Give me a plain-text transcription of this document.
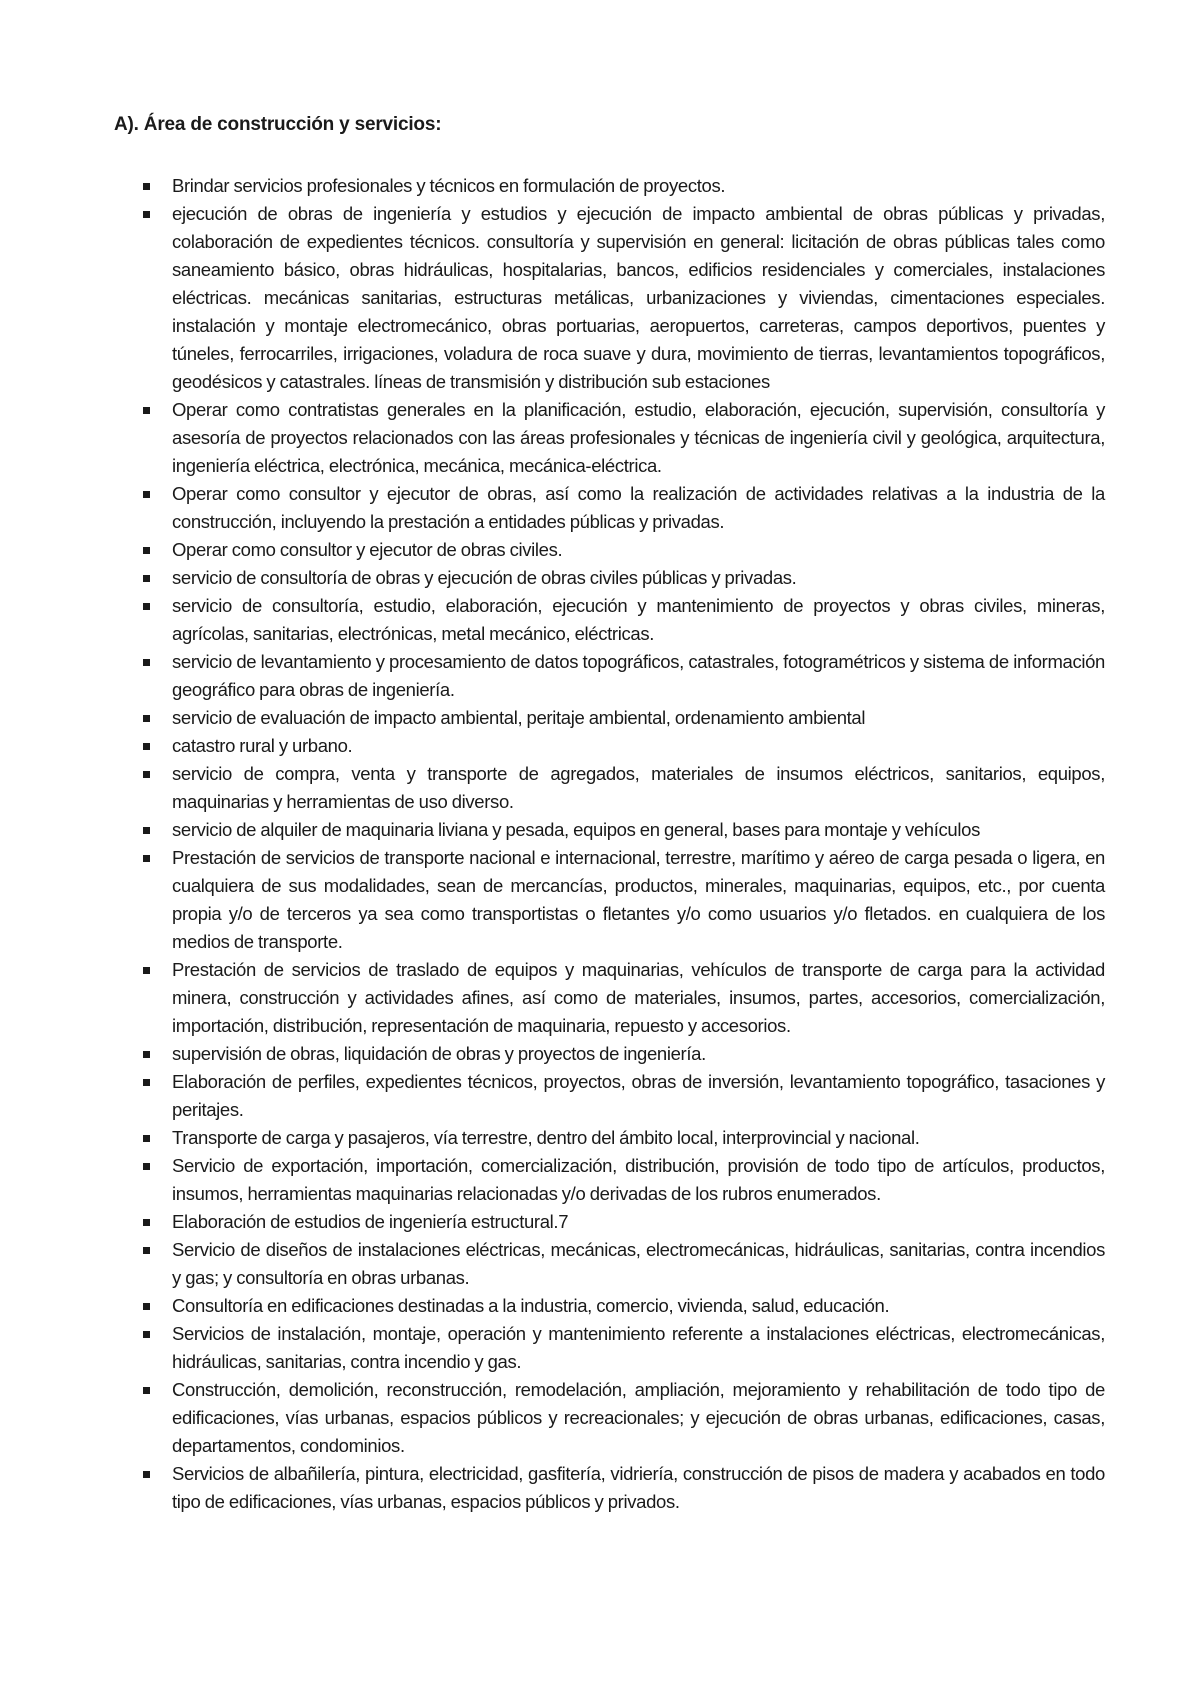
A). Área de construcción y servicios:
Brindar servicios profesionales y técnicos en formulación de proyectos.
ejecución de obras de ingeniería y estudios y ejecución de impacto ambiental de obras públicas y privadas, colaboración de expedientes técnicos. consultoría y supervisión en general: licitación de obras públicas tales como saneamiento básico, obras hidráulicas, hospitalarias, bancos, edificios residenciales y comerciales, instalaciones eléctricas. mecánicas sanitarias, estructuras metálicas, urbanizaciones y viviendas, cimentaciones especiales. instalación y montaje electromecánico, obras portuarias, aeropuertos, carreteras, campos deportivos, puentes y túneles, ferrocarriles, irrigaciones, voladura de roca suave y dura, movimiento de tierras, levantamientos topográficos, geodésicos y catastrales. líneas de transmisión y distribución sub estaciones
Operar como contratistas generales en la planificación, estudio, elaboración, ejecución, supervisión, consultoría y asesoría de proyectos relacionados con las áreas profesionales y técnicas de ingeniería civil y geológica, arquitectura, ingeniería eléctrica, electrónica, mecánica, mecánica-eléctrica.
Operar como consultor y ejecutor de obras, así como la realización de actividades relativas a la industria de la construcción, incluyendo la prestación a entidades públicas y privadas.
Operar como consultor y ejecutor de obras civiles.
servicio de consultoría de obras y ejecución de obras civiles públicas y privadas.
servicio de consultoría, estudio, elaboración, ejecución y mantenimiento de proyectos y obras civiles, mineras, agrícolas, sanitarias, electrónicas, metal mecánico, eléctricas.
servicio de levantamiento y procesamiento de datos topográficos, catastrales, fotogramétricos y sistema de información geográfico para obras de ingeniería.
servicio de evaluación de impacto ambiental, peritaje ambiental, ordenamiento ambiental
catastro rural y urbano.
servicio de compra, venta y transporte de agregados, materiales de insumos eléctricos, sanitarios, equipos, maquinarias y herramientas de uso diverso.
servicio de alquiler de maquinaria liviana y pesada, equipos en general, bases para montaje y vehículos
Prestación de servicios de transporte nacional e internacional, terrestre, marítimo y aéreo de carga pesada o ligera, en cualquiera de sus modalidades, sean de mercancías, productos, minerales, maquinarias, equipos, etc., por cuenta propia y/o de terceros ya sea como transportistas o fletantes y/o como usuarios y/o fletados. en cualquiera de los medios de transporte.
Prestación de servicios de traslado de equipos y maquinarias, vehículos de transporte de carga para la actividad minera, construcción y actividades afines, así como de materiales, insumos, partes, accesorios, comercialización, importación, distribución, representación de maquinaria, repuesto y accesorios.
supervisión de obras, liquidación de obras y proyectos de ingeniería.
Elaboración de perfiles, expedientes técnicos, proyectos, obras de inversión, levantamiento topográfico, tasaciones y peritajes.
Transporte de carga y pasajeros, vía terrestre, dentro del ámbito local, interprovincial y nacional.
Servicio de exportación, importación, comercialización, distribución, provisión de todo tipo de artículos, productos, insumos, herramientas maquinarias relacionadas y/o derivadas de los rubros enumerados.
Elaboración de estudios de ingeniería estructural.7
Servicio de diseños de instalaciones eléctricas, mecánicas, electromecánicas, hidráulicas, sanitarias, contra incendios y gas; y consultoría en obras urbanas.
Consultoría en edificaciones destinadas a la industria, comercio, vivienda, salud, educación.
Servicios de instalación, montaje, operación y mantenimiento referente a instalaciones eléctricas, electromecánicas, hidráulicas, sanitarias, contra incendio y gas.
Construcción, demolición, reconstrucción, remodelación, ampliación, mejoramiento y rehabilitación de todo tipo de edificaciones, vías urbanas, espacios públicos y recreacionales; y ejecución de obras urbanas, edificaciones, casas, departamentos, condominios.
Servicios de albañilería, pintura, electricidad, gasfitería, vidriería, construcción de pisos de madera y acabados en todo tipo de edificaciones, vías urbanas, espacios públicos y privados.
